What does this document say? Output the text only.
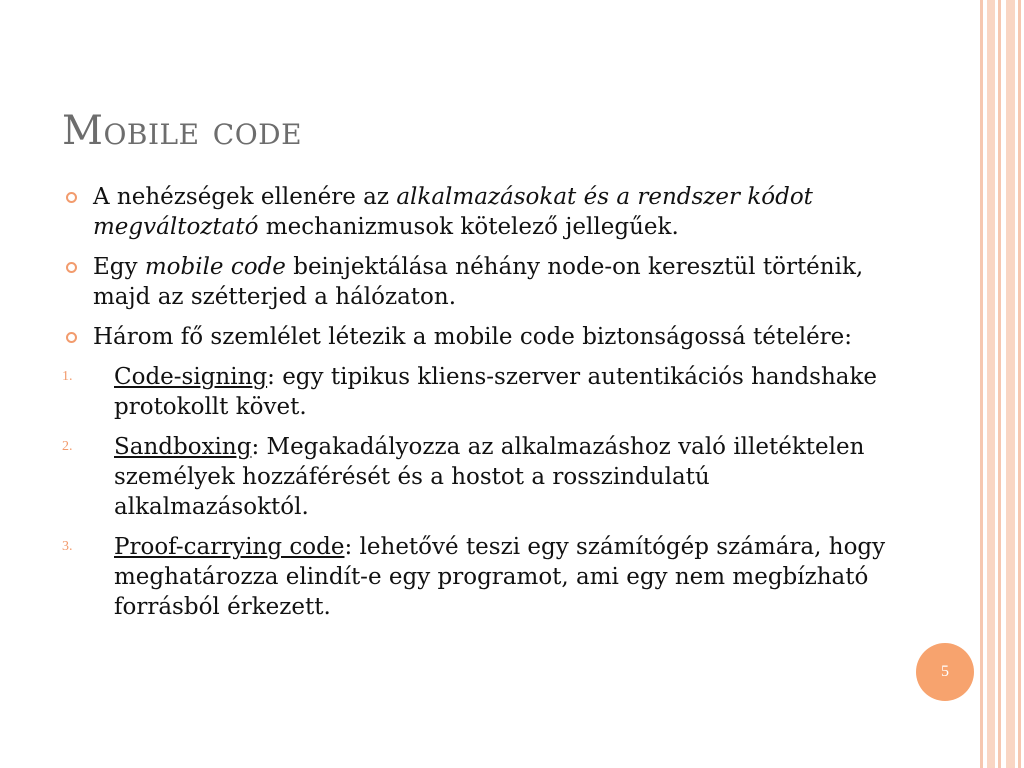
Mobile code
A nehézségek ellenére az alkalmazásokat és a rendszer kódot megváltoztató mechanizmusok kötelező jellegűek.
Egy mobile code beinjektálása néhány node-on keresztül történik, majd az szétterjed a hálózaton.
Három fő szemlélet létezik a mobile code biztonságossá tételére:
1. Code-signing: egy tipikus kliens-szerver autentikációs handshake protokollt követ.
2. Sandboxing: Megakadályozza az alkalmazáshoz való illetéktelen személyek hozzáférését és a hostot a rosszindulatú alkalmazásoktól.
3. Proof-carrying code: lehetővé teszi egy számítógép számára, hogy meghatározza elindít-e egy programot, ami egy nem megbízható forrásból érkezett.
5
